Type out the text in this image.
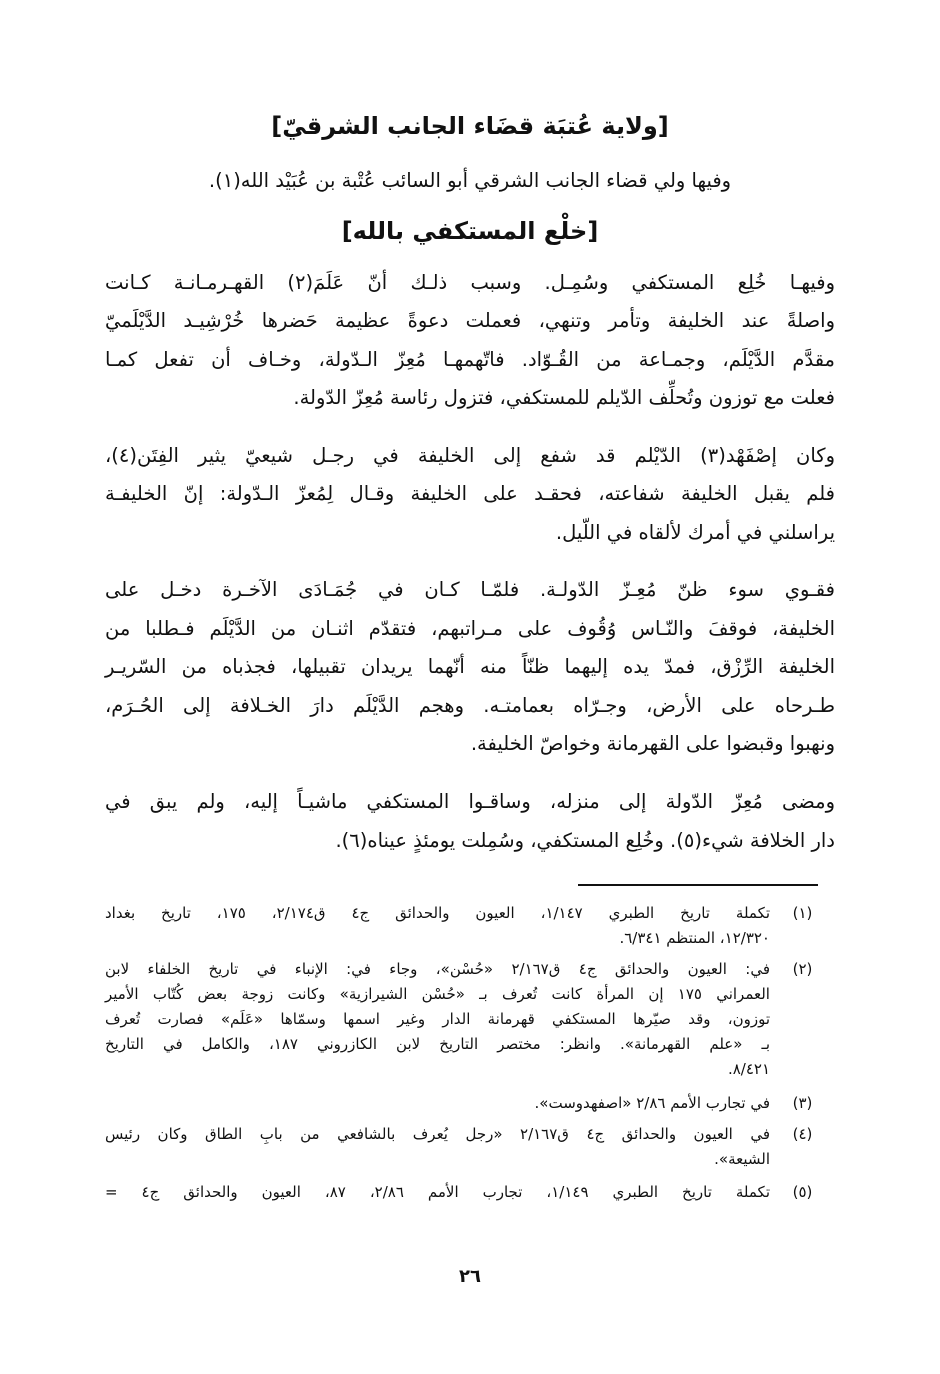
[ولاية عُتبَة قضَاء الجانب الشرقيّ]
وفيها ولي قضاء الجانب الشرقي أبو السائب عُتْبة بن عُبَيْد الله(١).
[خلْع المستكفي بالله]
وفيهـا خُلِع المستكفي وسُمِـل. وسبب ذلـك أنّ عَلَمَ(٢) القهـرمـانـة كـانت
واصلةً عند الخليفة وتأمر وتنهي، فعملت دعوةً عظيمة حَضرها خُرْشِيـد الدَّيْلَميّ
مقدَّم الدَّيْلَم، وجمـاعة من القُـوّاد. فاتّهمهـا مُعِزّ الـدّولة، وخـاف أن تفعل كمـا
فعلت مع توزون وتُحلِّف الدّيلم للمستكفي، فتزول رئاسة مُعِزّ الدّولة.
وكان إصْفَهْد(٣) الدّيْلم قد شفع إلى الخليفة في رجـل شيعيّ يثير الفِتَن(٤)،
فلم يقبل الخليفة شفاعته، فحقـد على الخليفة وقـال لِمُعزّ الـدّولة: إنّ الخليفـة
يراسلني في أمرك لألقاه في اللّيل.
فقـوي سوء ظنّ مُعِـزّ الدّولـة. فلمّـا كـان في جُمَـادَى الآخـرة دخـل على
الخليفة، فوقفَ والنّـاس وُقُوف على مـراتبهم، فتقدّم اثنـان من الدَّيْلَم فـطلبا من
الخليفة الرِّزْق، فمدّ يده إليهما ظنّاً منه أنّهما يريدان تقبيلها، فجذباه من السّريـر
طـرحاه على الأرض، وجـرّاه بعمامتـه. وهجم الدَّيْلَم دارَ الخـلافة إلى الحُـرَم،
ونهبوا وقبضوا على القهرمانة وخواصّ الخليفة.
ومضى مُعِزّ الدّولة إلى منزله، وساقـوا المستكفي ماشيـاً إليه، ولم يبق في
دار الخلافة شيء(٥). وخُلِع المستكفي، وسُمِلت يومئذٍ عيناه(٦).
(١)
تكملة تاريخ الطبري ١/١٤٧، العيون والحدائق ج٤ ق٢/١٧٤، ١٧٥، تاريخ بغداد
١٢/٣٢٠، المنتظم ٦/٣٤١.
(٢)
في: العيون والحدائق ج٤ ق٢/١٦٧ «حُسْن»، وجاء في: الإنباء في تاريخ الخلفاء لابن
العمراني ١٧٥ إن المرأة كانت تُعرف بـ «حُسْن الشيرازية» وكانت زوجة بعض كُتّاب الأمير
توزون، وقد صيّرها المستكفي قهرمانة الدار وغير اسمها وسمّاها «عَلَم» فصارت تُعرف
بـ «علم القهرمانة». وانظر: مختصر التاريخ لابن الكازروني ١٨٧، والكامل في التاريخ
٨/٤٢١.
(٣)
في تجارب الأمم ٢/٨٦ «اصفهدوست».
(٤)
في العيون والحدائق ج٤ ق٢/١٦٧ «رجل يُعرف بالشافعي من بابِ الطاق وكان رئيس
الشيعة».
(٥)
تكملة تاريخ الطبري ١/١٤٩، تجارب الأمم ٢/٨٦، ٨٧، العيون والحدائق ج٤ =
٢٦
